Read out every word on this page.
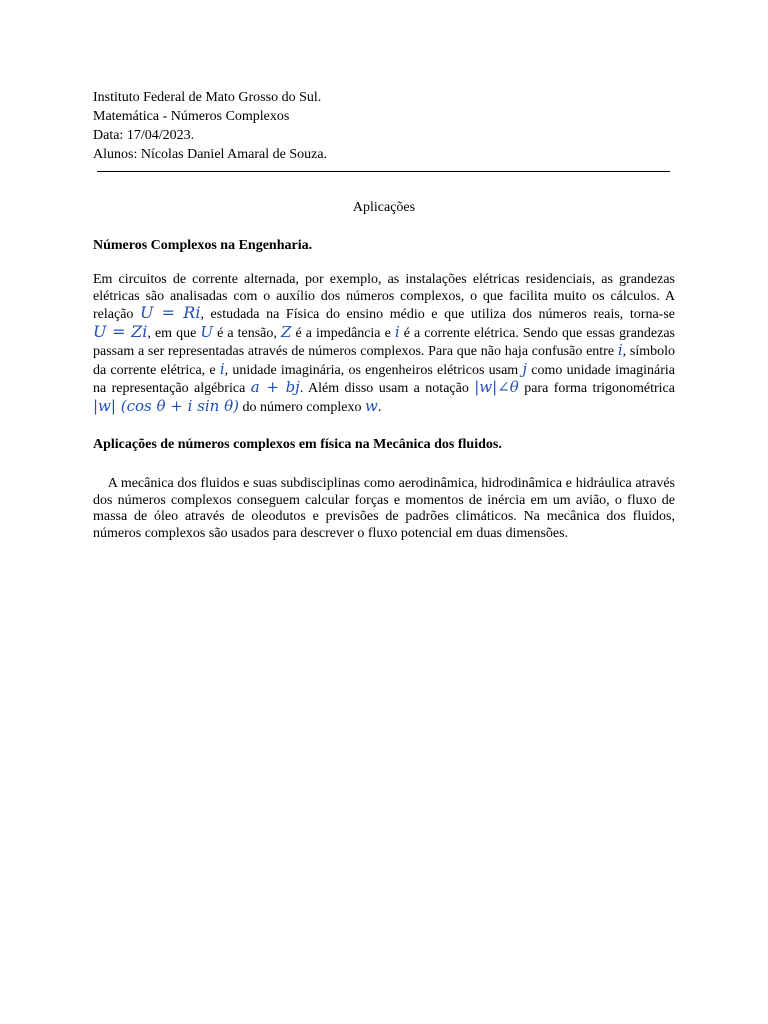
Instituto Federal de Mato Grosso do Sul.
Matemática - Números Complexos
Data: 17/04/2023.
Alunos: Nícolas Daniel Amaral de Souza.
Aplicações
Números Complexos na Engenharia.
Em circuitos de corrente alternada, por exemplo, as instalações elétricas residenciais, as grandezas elétricas são analisadas com o auxílio dos números complexos, o que facilita muito os cálculos. A relação U = Ri, estudada na Física do ensino médio e que utiliza dos números reais, torna-se U = Zi, em que U é a tensão, Z é a impedância e i é a corrente elétrica. Sendo que essas grandezas passam a ser representadas através de números complexos. Para que não haja confusão entre i, símbolo da corrente elétrica, e i, unidade imaginária, os engenheiros elétricos usam j como unidade imaginária na representação algébrica a + bj. Além disso usam a notação |w|∠θ para forma trigonométrica |w| (cos θ + i sin θ) do número complexo w.
Aplicações de números complexos em física na Mecânica dos fluidos.
A mecânica dos fluidos e suas subdisciplinas como aerodinâmica, hidrodinâmica e hidráulica através dos números complexos conseguem calcular forças e momentos de inércia em um avião, o fluxo de massa de óleo através de oleodutos e previsões de padrões climáticos. Na mecânica dos fluidos, números complexos são usados para descrever o fluxo potencial em duas dimensões.
